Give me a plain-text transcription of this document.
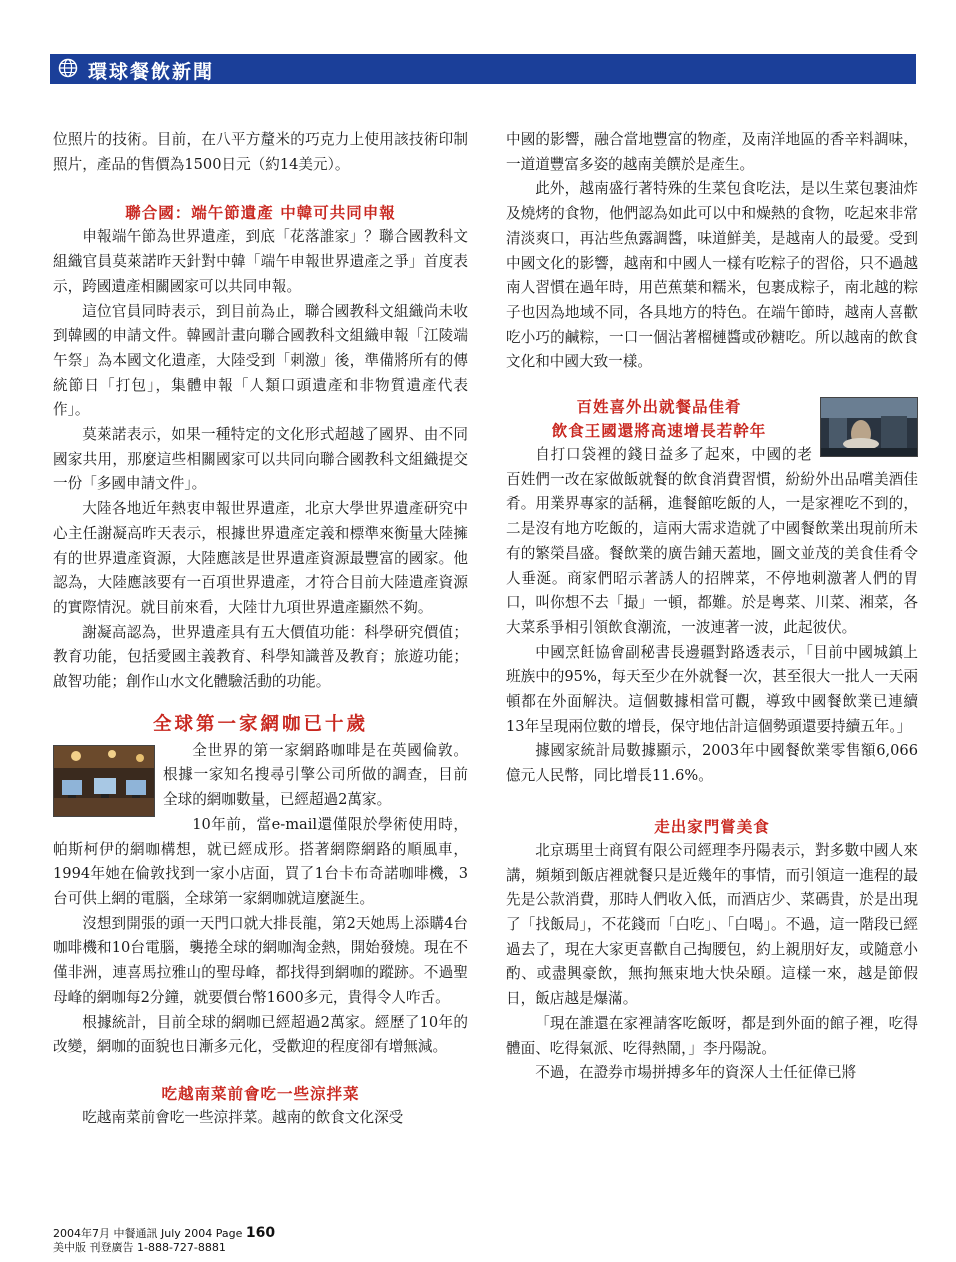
環球餐飲新聞

位照片的技術。目前，在八平方釐米的巧克力上使用該技術印制照片，產品的售價為1500日元（約14美元）。

聯合國：端午節遺產 中韓可共同申報

申報端午節為世界遺產，到底「花落誰家」？聯合國教科文組織官員莫萊諾昨天針對中韓「端午申報世界遺產之爭」首度表示，跨國遺產相關國家可以共同申報。

這位官員同時表示，到目前為止，聯合國教科文組織尚未收到韓國的申請文件。韓國計畫向聯合國教科文組織申報「江陵端午祭」為本國文化遺產，大陸受到「刺激」後，準備將所有的傳統節日「打包」，集體申報「人類口頭遺產和非物質遺產代表作」。

莫萊諾表示，如果一種特定的文化形式超越了國界、由不同國家共用，那麼這些相關國家可以共同向聯合國教科文組織提交一份「多國申請文件」。

大陸各地近年熱衷申報世界遺產，北京大學世界遺產研究中心主任謝凝高昨天表示，根據世界遺產定義和標準來衡量大陸擁有的世界遺產資源，大陸應該是世界遺產資源最豐富的國家。他認為，大陸應該要有一百項世界遺產，才符合目前大陸遺產資源的實際情況。就目前來看，大陸廿九項世界遺產顯然不夠。

謝凝高認為，世界遺產具有五大價值功能：科學研究價值；教育功能，包括愛國主義教育、科學知識普及教育；旅遊功能；啟智功能；創作山水文化體驗活動的功能。

全球第一家網咖已十歲

全世界的第一家網路咖啡是在英國倫敦。根據一家知名搜尋引擎公司所做的調查，目前全球的網咖數量，已經超過2萬家。

10年前，當e-mail還僅限於學術使用時，帕斯柯伊的網咖構想，就已經成形。搭著網際網路的順風車，1994年她在倫敦找到一家小店面，買了1台卡布奇諾咖啡機，3台可供上網的電腦，全球第一家網咖就這麼誕生。

沒想到開張的頭一天門口就大排長龍，第2天她馬上添購4台咖啡機和10台電腦，襲捲全球的網咖淘金熱，開始發燒。現在不僅非洲，連喜馬拉雅山的聖母峰，都找得到網咖的蹤跡。不過聖母峰的網咖每2分鐘，就要價台幣1600多元，貴得令人咋舌。

根據統計，目前全球的網咖已經超過2萬家。經歷了10年的改變，網咖的面貌也日漸多元化，受歡迎的程度卻有增無減。

吃越南菜前會吃一些涼拌菜

吃越南菜前會吃一些涼拌菜。越南的飲食文化深受

中國的影響，融合當地豐富的物產，及南洋地區的香辛料調味，一道道豐富多姿的越南美饌於是產生。

此外，越南盛行著特殊的生菜包食吃法，是以生菜包裹油炸及燒烤的食物，他們認為如此可以中和燥熱的食物，吃起來非常清淡爽口，再沾些魚露調醬，味道鮮美，是越南人的最愛。受到中國文化的影響，越南和中國人一樣有吃粽子的習俗，只不過越南人習慣在過年時，用芭蕉葉和糯米，包裹成粽子，南北越的粽子也因為地域不同，各具地方的特色。在端午節時，越南人喜歡吃小巧的鹹粽，一口一個沾著榴槤醬或砂糖吃。所以越南的飲食文化和中國大致一樣。

百姓喜外出就餐品佳肴

飲食王國還將高速增長若幹年

自打口袋裡的錢日益多了起來，中國的老百姓們一改在家做飯就餐的飲食消費習慣，紛紛外出品嚐美酒佳肴。用業界專家的話稱，進餐館吃飯的人，一是家裡吃不到的，二是沒有地方吃飯的，這兩大需求造就了中國餐飲業出現前所未有的繁榮昌盛。餐飲業的廣告鋪天蓋地，圖文並茂的美食佳肴令人垂涎。商家們昭示著誘人的招牌菜，不停地刺激著人們的胃口，叫你想不去「撮」一頓，都難。於是粵菜、川菜、湘菜，各大菜系爭相引領飲食潮流，一波連著一波，此起彼伏。

中國烹飪協會副秘書長邊疆對路透表示，「目前中國城鎮上班族中的95%，每天至少在外就餐一次，甚至很大一批人一天兩頓都在外面解決。這個數據相當可觀，導致中國餐飲業已連續13年呈現兩位數的增長，保守地估計這個勢頭還要持續五年。」

據國家統計局數據顯示，2003年中國餐飲業零售額6,066億元人民幣，同比增長11.6%。

走出家門嘗美食

北京瑪里士商貿有限公司經理李丹陽表示，對多數中國人來講，頻頻到飯店裡就餐只是近幾年的事情，而引領這一進程的最先是公款消費，那時人們收入低，而酒店少、菜碼貴，於是出現了「找飯局」，不花錢而「白吃」、「白喝」。不過，這一階段已經過去了，現在大家更喜歡自己掏腰包，約上親朋好友，或隨意小酌、或盡興豪飲，無拘無束地大快朵頤。這樣一來，越是節假日，飯店越是爆滿。

「現在誰還在家裡請客吃飯呀，都是到外面的館子裡，吃得體面、吃得氣派、吃得熱鬧，」李丹陽說。

不過，在證券市場拼搏多年的資深人士任征偉已將

2004年7月 中餐通訊 July 2004 Page 160
美中版 刊登廣告 1-888-727-8881
